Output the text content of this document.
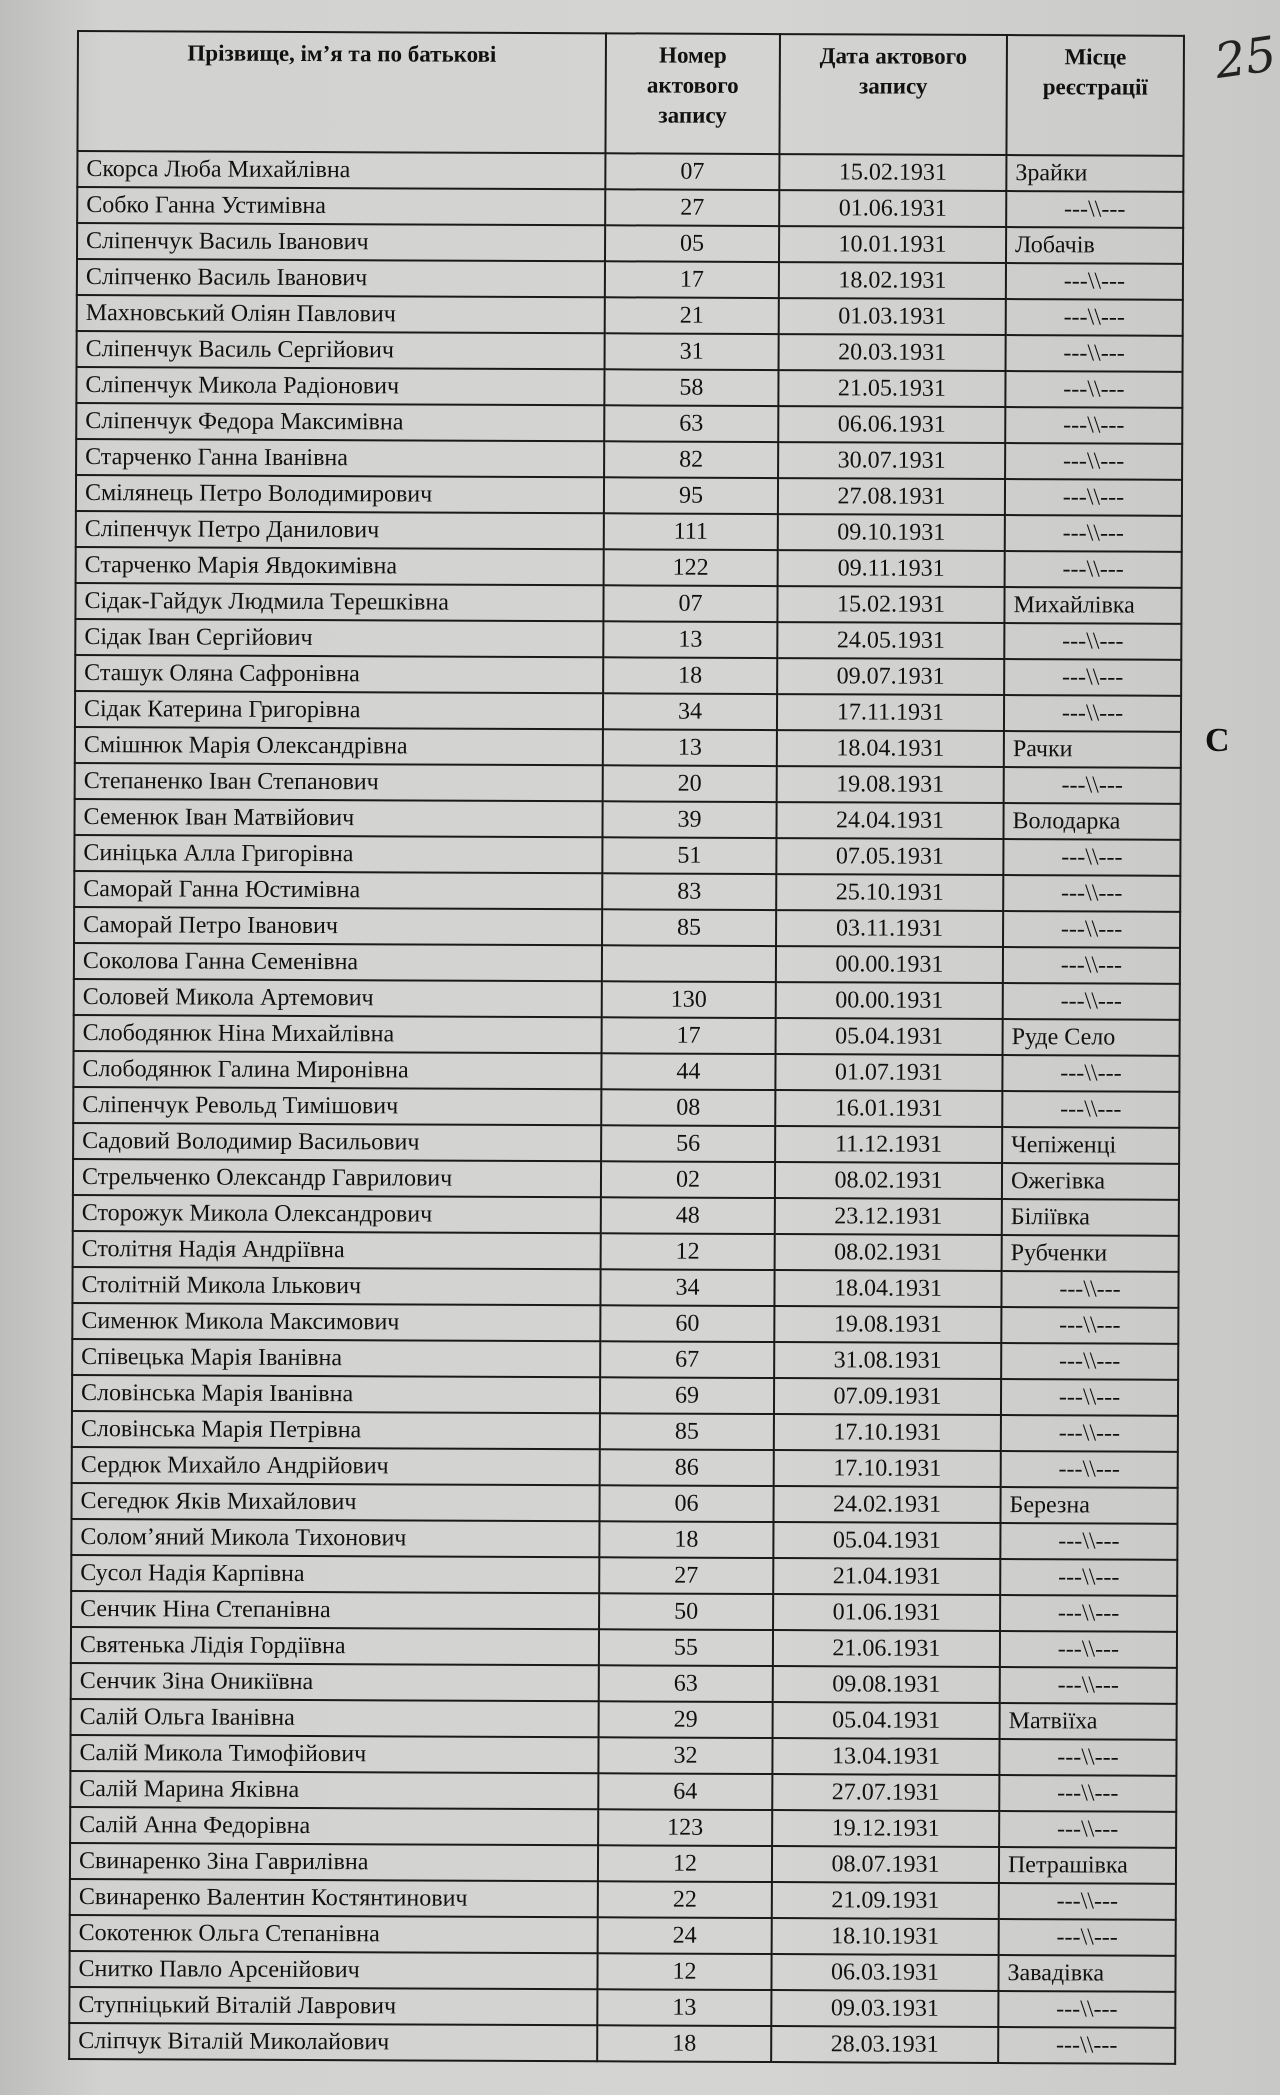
25
С
Прізвище, ім’я та по батькові	Номер актового запису	Дата актового запису	Місце реєстрації
Скорса Люба Михайлівна	07	15.02.1931	Зрайки
Собко Ганна Устимівна	27	01.06.1931	---\\---
Сліпенчук Василь Іванович	05	10.01.1931	Лобачів
Сліпченко Василь Іванович	17	18.02.1931	---\\---
Махновський Оліян Павлович	21	01.03.1931	---\\---
Сліпенчук Василь Сергійович	31	20.03.1931	---\\---
Сліпенчук Микола Радіонович	58	21.05.1931	---\\---
Сліпенчук Федора Максимівна	63	06.06.1931	---\\---
Старченко Ганна Іванівна	82	30.07.1931	---\\---
Смілянець Петро Володимирович	95	27.08.1931	---\\---
Сліпенчук Петро Данилович	111	09.10.1931	---\\---
Старченко Марія Явдокимівна	122	09.11.1931	---\\---
Сідак-Гайдук Людмила Терешківна	07	15.02.1931	Михайлівка
Сідак Іван Сергійович	13	24.05.1931	---\\---
Сташук Оляна Сафронівна	18	09.07.1931	---\\---
Сідак Катерина Григорівна	34	17.11.1931	---\\---
Смішнюк Марія Олександрівна	13	18.04.1931	Рачки
Степаненко Іван Степанович	20	19.08.1931	---\\---
Семенюк Іван Матвійович	39	24.04.1931	Володарка
Синіцька Алла Григорівна	51	07.05.1931	---\\---
Саморай Ганна Юстимівна	83	25.10.1931	---\\---
Саморай Петро Іванович	85	03.11.1931	---\\---
Соколова Ганна Семенівна		00.00.1931	---\\---
Соловей Микола Артемович	130	00.00.1931	---\\---
Слободянюк Ніна Михайлівна	17	05.04.1931	Руде Село
Слободянюк Галина Миронівна	44	01.07.1931	---\\---
Сліпенчук Револьд Тимішович	08	16.01.1931	---\\---
Садовий Володимир Васильович	56	11.12.1931	Чепіженці
Стрельченко Олександр Гаврилович	02	08.02.1931	Ожегівка
Сторожук Микола Олександрович	48	23.12.1931	Біліївка
Столітня Надія Андріївна	12	08.02.1931	Рубченки
Столітній Микола Ількович	34	18.04.1931	---\\---
Сименюк Микола Максимович	60	19.08.1931	---\\---
Співецька Марія Іванівна	67	31.08.1931	---\\---
Словінська Марія Іванівна	69	07.09.1931	---\\---
Словінська Марія Петрівна	85	17.10.1931	---\\---
Сердюк Михайло Андрійович	86	17.10.1931	---\\---
Сегедюк Яків Михайлович	06	24.02.1931	Березна
Солом’яний Микола Тихонович	18	05.04.1931	---\\---
Сусол Надія Карпівна	27	21.04.1931	---\\---
Сенчик Ніна Степанівна	50	01.06.1931	---\\---
Святенька Лідія Гордіївна	55	21.06.1931	---\\---
Сенчик Зіна Оникіївна	63	09.08.1931	---\\---
Салій Ольга Іванівна	29	05.04.1931	Матвіїха
Салій Микола Тимофійович	32	13.04.1931	---\\---
Салій Марина Яківна	64	27.07.1931	---\\---
Салій Анна Федорівна	123	19.12.1931	---\\---
Свинаренко Зіна Гаврилівна	12	08.07.1931	Петрашівка
Свинаренко Валентин Костянтинович	22	21.09.1931	---\\---
Сокотенюк Ольга Степанівна	24	18.10.1931	---\\---
Снитко Павло Арсенійович	12	06.03.1931	Завадівка
Ступніцький Віталій Лаврович	13	09.03.1931	---\\---
Сліпчук Віталій Миколайович	18	28.03.1931	---\\---
